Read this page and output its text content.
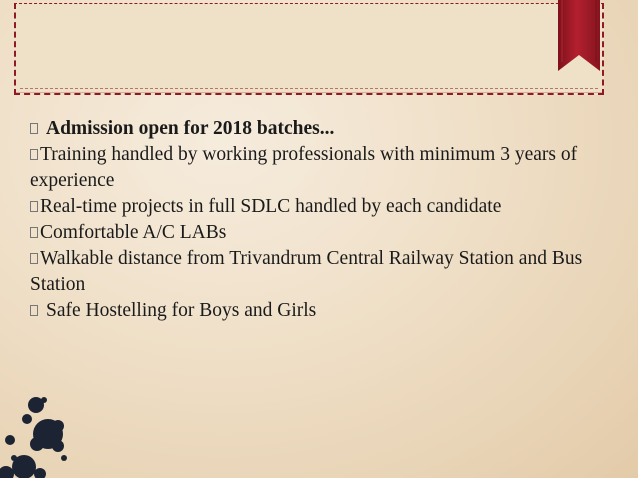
Admission open for 2018 batches...
Training handled by working professionals with minimum 3 years of experience
Real-time projects in full SDLC handled by each candidate
Comfortable A/C LABs
Walkable distance from Trivandrum Central Railway Station and Bus Station
Safe Hostelling for Boys and Girls
